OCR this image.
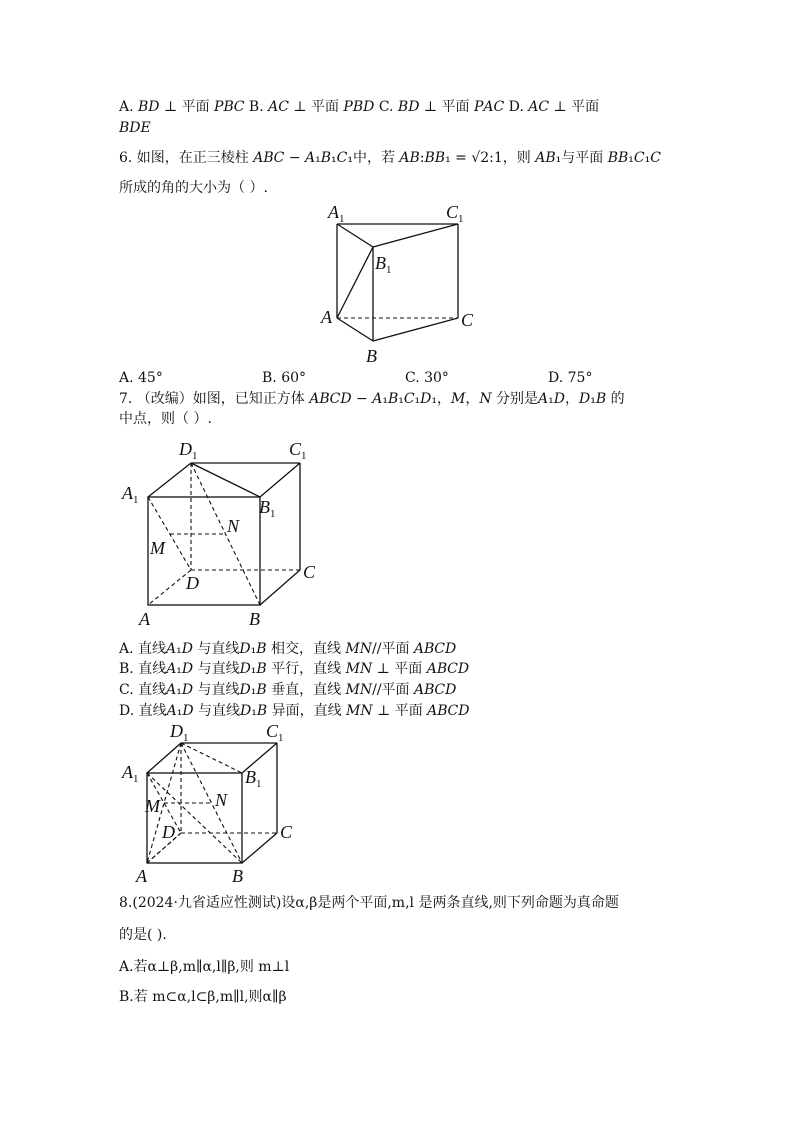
A. 𝐵𝐷 ⊥ 平面 𝑃𝐵𝐶 B. 𝐴𝐶 ⊥ 平面 𝑃𝐵𝐷 C. 𝐵𝐷 ⊥ 平面 𝑃𝐴𝐶 D. 𝐴𝐶 ⊥ 平面
𝐵𝐷𝐸
6. 如图，在正三棱柱 𝐴𝐵𝐶 − 𝐴₁𝐵₁𝐶₁中，若 𝐴𝐵:𝐵𝐵₁ = √2:1，则 𝐴𝐵₁与平面 𝐵𝐵₁𝐶₁𝐶
所成的角的大小为（ ）.
$A_1$	$C_1$
$B_1$
A	C
B
A. 45°	B. 60°	C. 30°	D. 75°
7. （改编）如图，已知正方体 𝐴𝐵𝐶𝐷 − 𝐴₁𝐵₁𝐶₁𝐷₁，𝑀，𝑁 分别是𝐴₁𝐷，𝐷₁𝐵 的
中点，则（ ）.
$D_1$	$C_1$
$A_1$	$B_1$
N
M
C
D
A	B
A. 直线𝐴₁𝐷 与直线𝐷₁𝐵 相交，直线 𝑀𝑁//平面 𝐴𝐵𝐶𝐷
B. 直线𝐴₁𝐷 与直线𝐷₁𝐵 平行，直线 𝑀𝑁 ⊥ 平面 𝐴𝐵𝐶𝐷
C. 直线𝐴₁𝐷 与直线𝐷₁𝐵 垂直，直线 𝑀𝑁//平面 𝐴𝐵𝐶𝐷
D. 直线𝐴₁𝐷 与直线𝐷₁𝐵 异面，直线 𝑀𝑁 ⊥ 平面 𝐴𝐵𝐶𝐷
$D_1$	$C_1$
$A_1$	$B_1$
N
M
C
D
A	B
8.(2024·九省适应性测试)设α,β是两个平面,m,l 是两条直线,则下列命题为真命题
的是( ).
A.若α⊥β,m∥α,l∥β,则 m⊥l
B.若 m⊂α,l⊂β,m∥l,则α∥β
